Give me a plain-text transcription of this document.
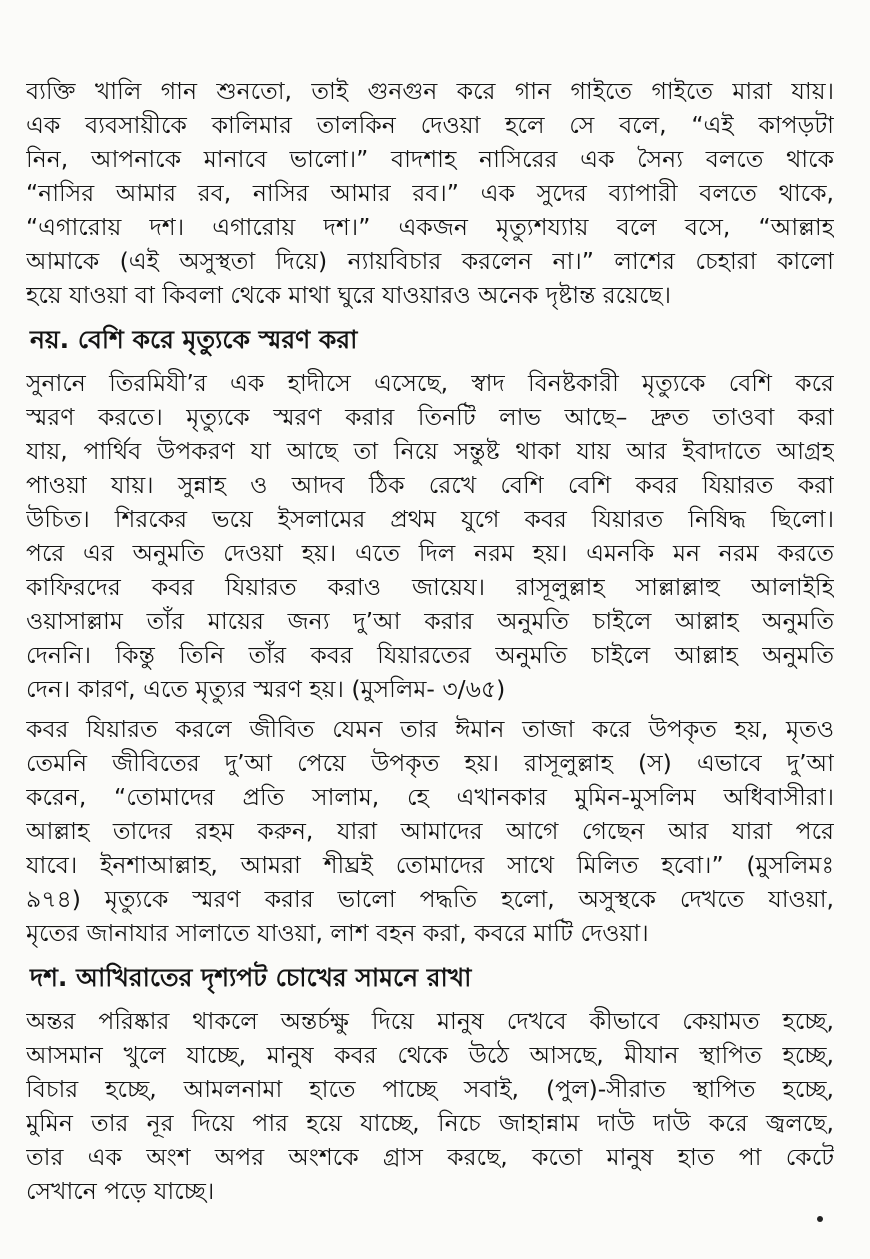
ব্যক্তি খালি গান শুনতো, তাই গুনগুন করে গান গাইতে গাইতে মারা যায়।
এক ব্যবসায়ীকে কালিমার তালকিন দেওয়া হলে সে বলে, “এই কাপড়টা
নিন, আপনাকে মানাবে ভালো।” বাদশাহ নাসিরের এক সৈন্য বলতে থাকে
“নাসির আমার রব, নাসির আমার রব।” এক সুদের ব্যাপারী বলতে থাকে,
“এগারোয় দশ। এগারোয় দশ।” একজন মৃত্যুশয্যায় বলে বসে, “আল্লাহ
আমাকে (এই অসুস্থতা দিয়ে) ন্যায়বিচার করলেন না।” লাশের চেহারা কালো
হয়ে যাওয়া বা কিবলা থেকে মাথা ঘুরে যাওয়ারও অনেক দৃষ্টান্ত রয়েছে।
নয়. বেশি করে মৃত্যুকে স্মরণ করা
সুনানে তিরমিযী’র এক হাদীসে এসেছে, স্বাদ বিনষ্টকারী মৃত্যুকে বেশি করে
স্মরণ করতে। মৃত্যুকে স্মরণ করার তিনটি লাভ আছে– দ্রুত তাওবা করা
যায়, পার্থিব উপকরণ যা আছে তা নিয়ে সন্তুষ্ট থাকা যায় আর ইবাদাতে আগ্রহ
পাওয়া যায়। সুন্নাহ ও আদব ঠিক রেখে বেশি বেশি কবর যিয়ারত করা
উচিত। শিরকের ভয়ে ইসলামের প্রথম যুগে কবর যিয়ারত নিষিদ্ধ ছিলো।
পরে এর অনুমতি দেওয়া হয়। এতে দিল নরম হয়। এমনকি মন নরম করতে
কাফিরদের কবর যিয়ারত করাও জায়েয। রাসূলুল্লাহ সাল্লাল্লাহু আলাইহি
ওয়াসাল্লাম তাঁর মায়ের জন্য দু’আ করার অনুমতি চাইলে আল্লাহ অনুমতি
দেননি। কিন্তু তিনি তাঁর কবর যিয়ারতের অনুমতি চাইলে আল্লাহ অনুমতি
দেন। কারণ, এতে মৃত্যুর স্মরণ হয়। (মুসলিম- ৩/৬৫)
কবর যিয়ারত করলে জীবিত যেমন তার ঈমান তাজা করে উপকৃত হয়, মৃতও
তেমনি জীবিতের দু’আ পেয়ে উপকৃত হয়। রাসূলুল্লাহ (স) এভাবে দু’আ
করেন, “তোমাদের প্রতি সালাম, হে এখানকার মুমিন-মুসলিম অধিবাসীরা।
আল্লাহ তাদের রহম করুন, যারা আমাদের আগে গেছেন আর যারা পরে
যাবে। ইনশাআল্লাহ, আমরা শীঘ্রই তোমাদের সাথে মিলিত হবো।” (মুসলিমঃ
৯৭৪) মৃত্যুকে স্মরণ করার ভালো পদ্ধতি হলো, অসুস্থকে দেখতে যাওয়া,
মৃতের জানাযার সালাতে যাওয়া, লাশ বহন করা, কবরে মাটি দেওয়া।
দশ. আখিরাতের দৃশ্যপট চোখের সামনে রাখা
অন্তর পরিষ্কার থাকলে অন্তর্চক্ষু দিয়ে মানুষ দেখবে কীভাবে কেয়ামত হচ্ছে,
আসমান খুলে যাচ্ছে, মানুষ কবর থেকে উঠে আসছে, মীযান স্থাপিত হচ্ছে,
বিচার হচ্ছে, আমলনামা হাতে পাচ্ছে সবাই, (পুল)-সীরাত স্থাপিত হচ্ছে,
মুমিন তার নূর দিয়ে পার হয়ে যাচ্ছে, নিচে জাহান্নাম দাউ দাউ করে জ্বলছে,
তার এক অংশ অপর অংশকে গ্রাস করছে, কতো মানুষ হাত পা কেটে
সেখানে পড়ে যাচ্ছে।
